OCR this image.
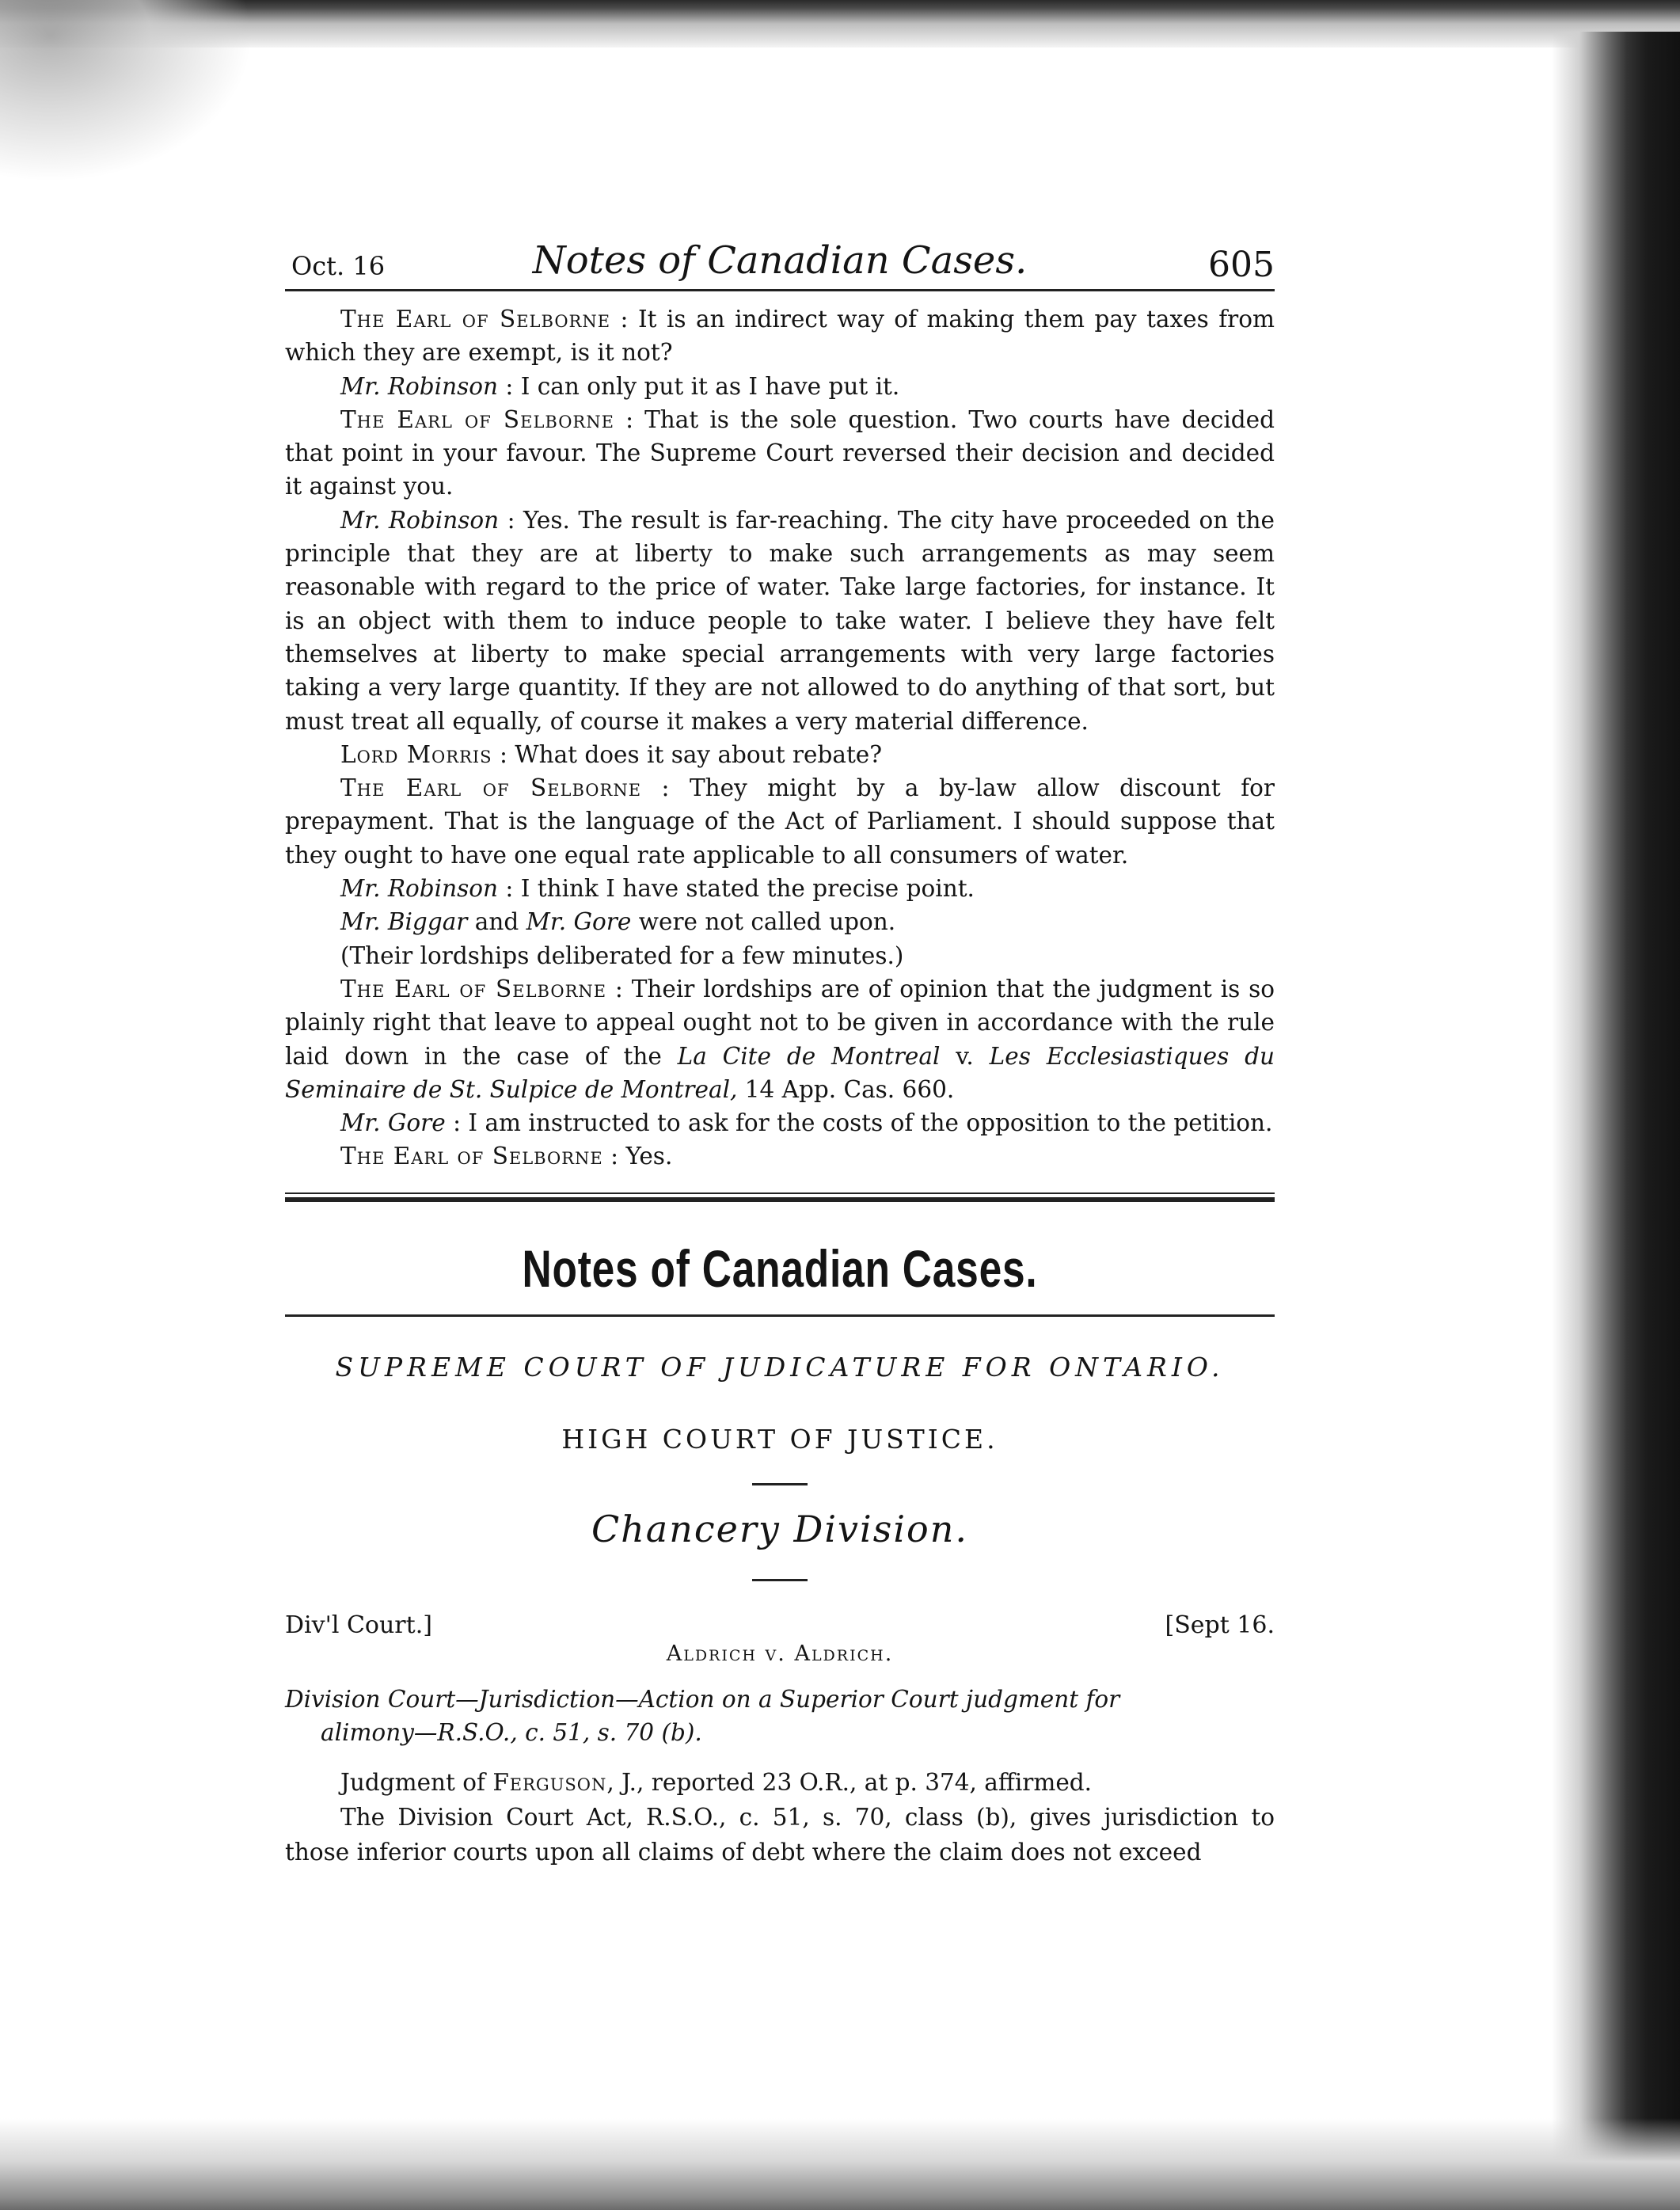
Oct. 16	Notes of Canadian Cases.	605

The Earl of Selborne : It is an indirect way of making them pay taxes from which they are exempt, is it not?

Mr. Robinson : I can only put it as I have put it.

The Earl of Selborne : That is the sole question. Two courts have decided that point in your favour. The Supreme Court reversed their decision and decided it against you.

Mr. Robinson : Yes. The result is far-reaching. The city have proceeded on the principle that they are at liberty to make such arrangements as may seem reasonable with regard to the price of water. Take large factories, for instance. It is an object with them to induce people to take water. I believe they have felt themselves at liberty to make special arrangements with very large factories taking a very large quantity. If they are not allowed to do anything of that sort, but must treat all equally, of course it makes a very material difference.

Lord Morris : What does it say about rebate?

The Earl of Selborne : They might by a by-law allow discount for prepayment. That is the language of the Act of Parliament. I should suppose that they ought to have one equal rate applicable to all consumers of water.

Mr. Robinson : I think I have stated the precise point.

Mr. Biggar and Mr. Gore were not called upon.

(Their lordships deliberated for a few minutes.)

The Earl of Selborne : Their lordships are of opinion that the judgment is so plainly right that leave to appeal ought not to be given in accordance with the rule laid down in the case of the La Cite de Montreal v. Les Ecclesiastiques du Seminaire de St. Sulpice de Montreal, 14 App. Cas. 660.

Mr. Gore : I am instructed to ask for the costs of the opposition to the petition.

The Earl of Selborne : Yes.

Notes of Canadian Cases.
SUPREME COURT OF JUDICATURE FOR ONTARIO.
HIGH COURT OF JUSTICE.
Chancery Division.
Div'l Court.]	[Sept 16.
Aldrich v. Aldrich.
Division Court—Jurisdiction—Action on a Superior Court judgment for
alimony—R.S.O., c. 51, s. 70 (b).

Judgment of Ferguson, J., reported 23 O.R., at p. 374, affirmed.

The Division Court Act, R.S.O., c. 51, s. 70, class (b), gives jurisdiction to those inferior courts upon all claims of debt where the claim does not exceed
